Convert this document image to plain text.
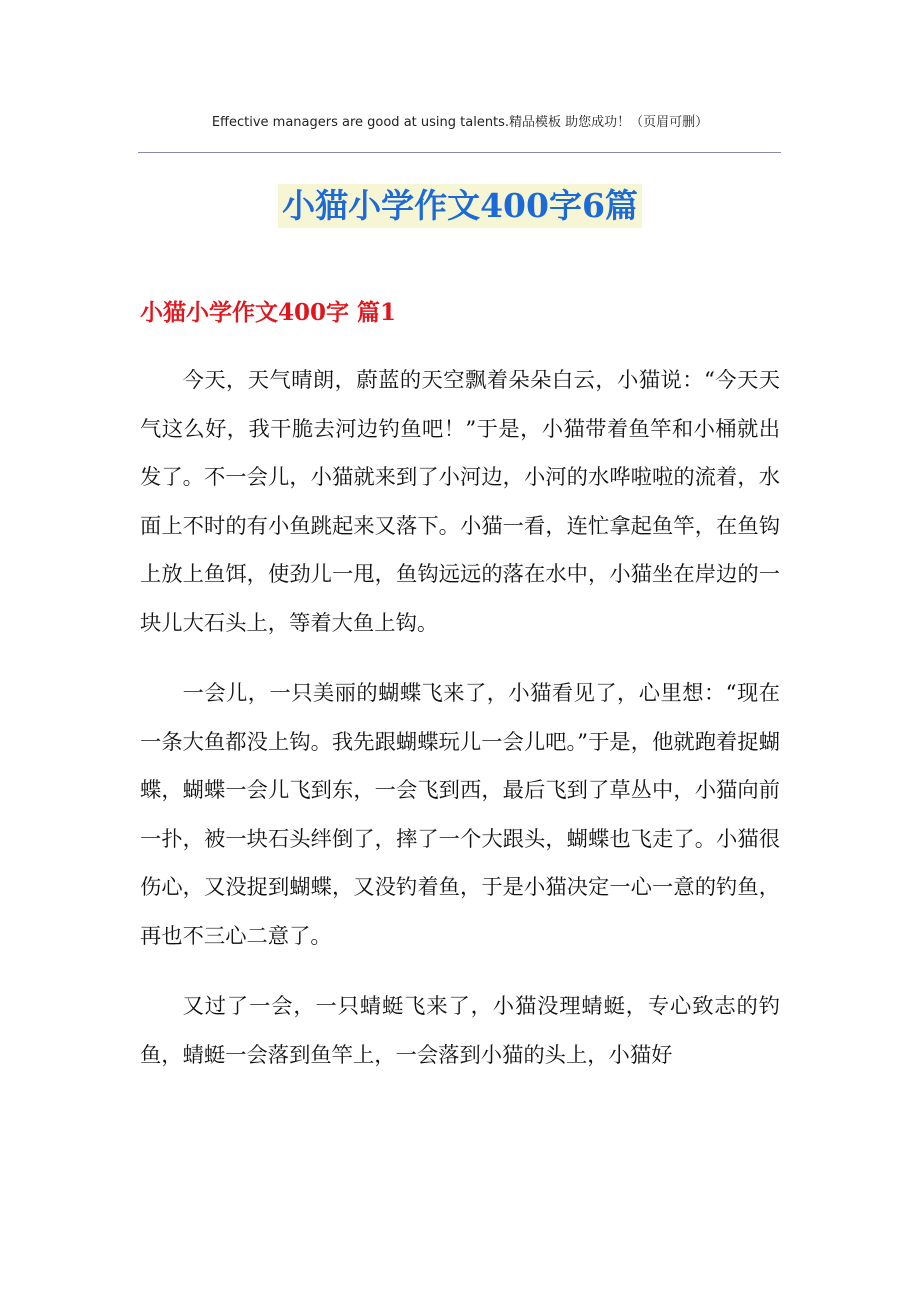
Effective managers are good at using talents.精品模板 助您成功！（页眉可删）
小猫小学作文400字6篇
小猫小学作文400字 篇1

今天，天气晴朗，蔚蓝的天空飘着朵朵白云，小猫说：“今天天气这么好，我干脆去河边钓鱼吧！”于是，小猫带着鱼竿和小桶就出发了。不一会儿，小猫就来到了小河边，小河的水哗啦啦的流着，水面上不时的有小鱼跳起来又落下。小猫一看，连忙拿起鱼竿，在鱼钩上放上鱼饵，使劲儿一甩，鱼钩远远的落在水中，小猫坐在岸边的一块儿大石头上，等着大鱼上钩。

一会儿，一只美丽的蝴蝶飞来了，小猫看见了，心里想：“现在一条大鱼都没上钩。我先跟蝴蝶玩儿一会儿吧。”于是，他就跑着捉蝴蝶，蝴蝶一会儿飞到东，一会飞到西，最后飞到了草丛中，小猫向前一扑，被一块石头绊倒了，摔了一个大跟头，蝴蝶也飞走了。小猫很伤心，又没捉到蝴蝶，又没钓着鱼，于是小猫决定一心一意的钓鱼，再也不三心二意了。

又过了一会，一只蜻蜓飞来了，小猫没理蜻蜓，专心致志的钓鱼，蜻蜓一会落到鱼竿上，一会落到小猫的头上，小猫好
